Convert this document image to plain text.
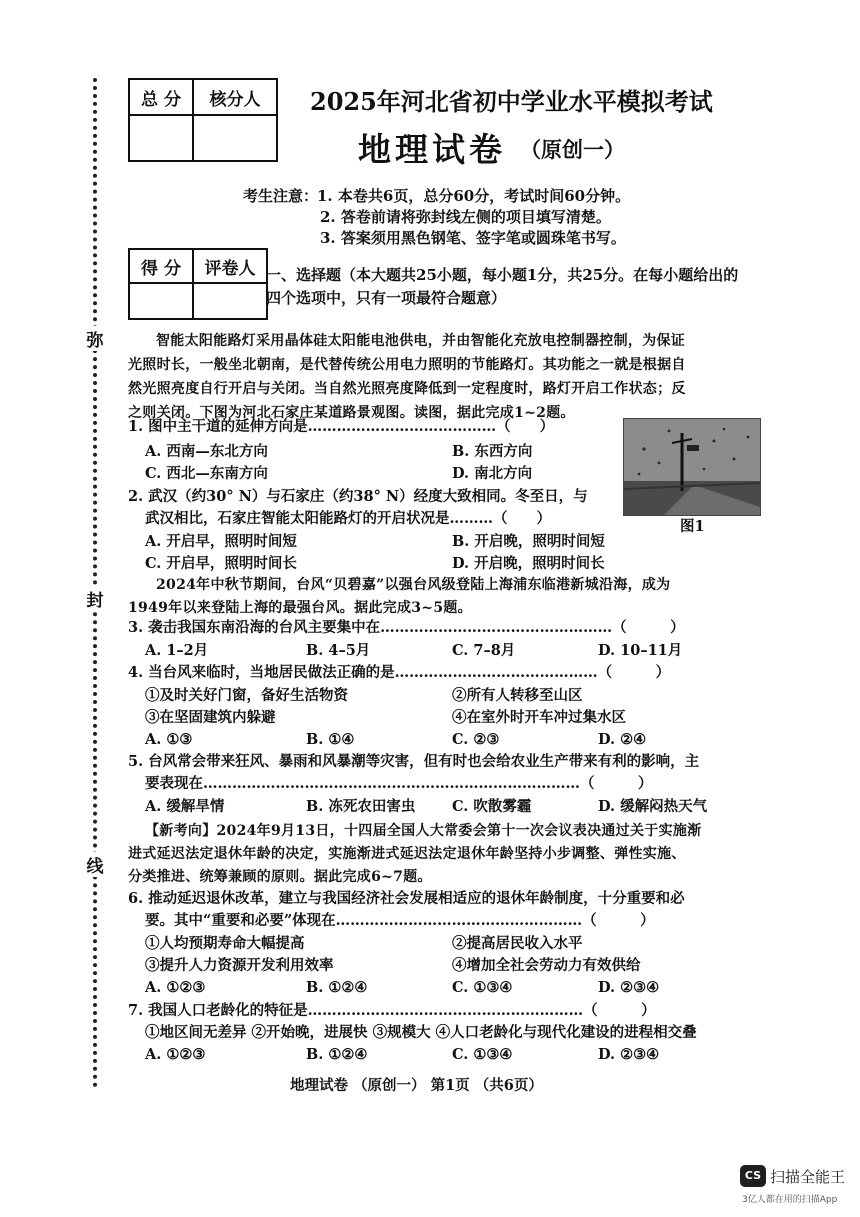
弥
封
线
总 分	核分人
	2025年河北省初中学业水平模拟考试
地理试卷 （原创一）
考生注意：
1. 本卷共6页，总分60分，考试时间60分钟。
2. 答卷前请将弥封线左侧的项目填写清楚。
3. 答案须用黑色钢笔、签字笔或圆珠笔书写。
得 分	评卷人
	一、选择题（本大题共25小题，每小题1分，共25分。在每小题给出的
四个选项中，只有一项最符合题意）
智能太阳能路灯采用晶体硅太阳能电池供电，并由智能化充放电控制器控制，为保证
光照时长，一般坐北朝南，是代替传统公用电力照明的节能路灯。其功能之一就是根据自
然光照亮度自行开启与关闭。当自然光照亮度降低到一定程度时，路灯开启工作状态；反
之则关闭。下图为河北石家庄某道路景观图。读图，据此完成1~2题。
图1
1. 图中主干道的延伸方向是…………………………………（　　）
A. 西南—东北方向	B. 东西方向
C. 西北—东南方向	D. 南北方向
2. 武汉（约30° N）与石家庄（约38° N）经度大致相同。冬至日，与
武汉相比，石家庄智能太阳能路灯的开启状况是………（　　）
A. 开启早，照明时间短	B. 开启晚，照明时间短
C. 开启早，照明时间长	D. 开启晚，照明时间长
2024年中秋节期间，台风“贝碧嘉”以强台风级登陆上海浦东临港新城沿海，成为
1949年以来登陆上海的最强台风。据此完成3~5题。
3. 袭击我国东南沿海的台风主要集中在…………………………………………（　　　）
A. 1–2月	B. 4–5月	C. 7–8月	D. 10–11月
4. 当台风来临时，当地居民做法正确的是……………………………………（　　　）
①及时关好门窗，备好生活物资	②所有人转移至山区
③在坚固建筑内躲避	④在室外时开车冲过集水区
A. ①③	B. ①④	C. ②③	D. ②④
5. 台风常会带来狂风、暴雨和风暴潮等灾害，但有时也会给农业生产带来有利的影响，主
要表现在……………………………………………………………………（　　　）
A. 缓解旱情	B. 冻死农田害虫	C. 吹散雾霾	D. 缓解闷热天气
【新考向】2024年9月13日，十四届全国人大常委会第十一次会议表决通过关于实施渐
进式延迟法定退休年龄的决定，实施渐进式延迟法定退休年龄坚持小步调整、弹性实施、
分类推进、统筹兼顾的原则。据此完成6~7题。
6. 推动延迟退休改革，建立与我国经济社会发展相适应的退休年龄制度，十分重要和必
要。其中“重要和必要”体现在……………………………………………（　　　）
①人均预期寿命大幅提高	②提高居民收入水平
③提升人力资源开发利用效率	④增加全社会劳动力有效供给
A. ①②③	B. ①②④	C. ①③④	D. ②③④
7. 我国人口老龄化的特征是…………………………………………………（　　　）
①地区间无差异 ②开始晚，进展快 ③规模大 ④人口老龄化与现代化建设的进程相交叠
A. ①②③	B. ①②④	C. ①③④	D. ②③④
地理试卷 （原创一） 第1页 （共6页）
CS 扫描全能王
3亿人都在用的扫描App
